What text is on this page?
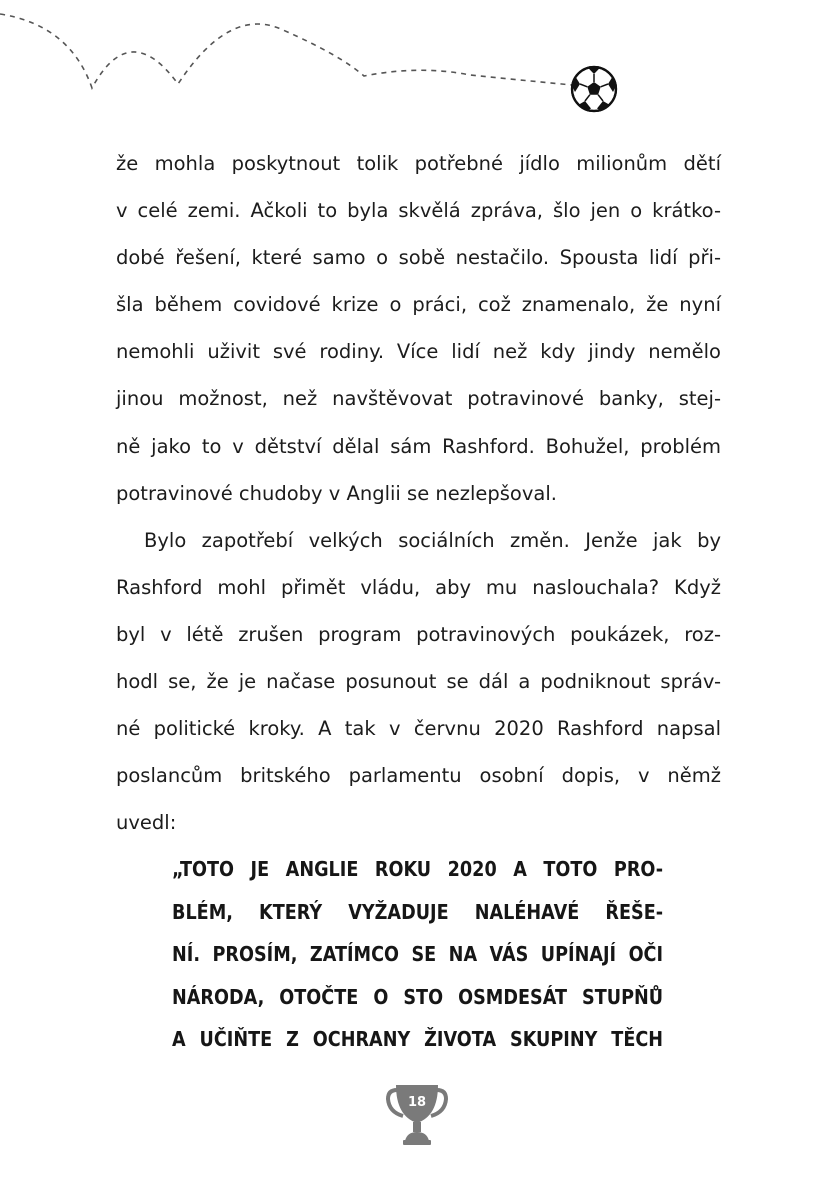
že mohla poskytnout tolik potřebné jídlo milionům dětí
v celé zemi. Ačkoli to byla skvělá zpráva, šlo jen o krátko-
dobé řešení, které samo o sobě nestačilo. Spousta lidí při-
šla během covidové krize o práci, což znamenalo, že nyní
nemohli uživit své rodiny. Více lidí než kdy jindy nemělo
jinou možnost, než navštěvovat potravinové banky, stej-
ně jako to v dětství dělal sám Rashford. Bohužel, problém
potravinové chudoby v Anglii se nezlepšoval.
Bylo zapotřebí velkých sociálních změn. Jenže jak by
Rashford mohl přimět vládu, aby mu naslouchala? Když
byl v létě zrušen program potravinových poukázek, roz-
hodl se, že je načase posunout se dál a podniknout správ-
né politické kroky. A tak v červnu 2020 Rashford napsal
poslancům britského parlamentu osobní dopis, v němž
uvedl:
„TOTO JE ANGLIE ROKU 2020 A TOTO PRO-
BLÉM, KTERÝ VYŽADUJE NALÉHAVÉ ŘEŠE-
NÍ. PROSÍM, ZATÍMCO SE NA VÁS UPÍNAJÍ OČI
NÁRODA, OTOČTE O STO OSMDESÁT STUPŇŮ
A UČIŇTE Z OCHRANY ŽIVOTA SKUPINY TĚCH
18
